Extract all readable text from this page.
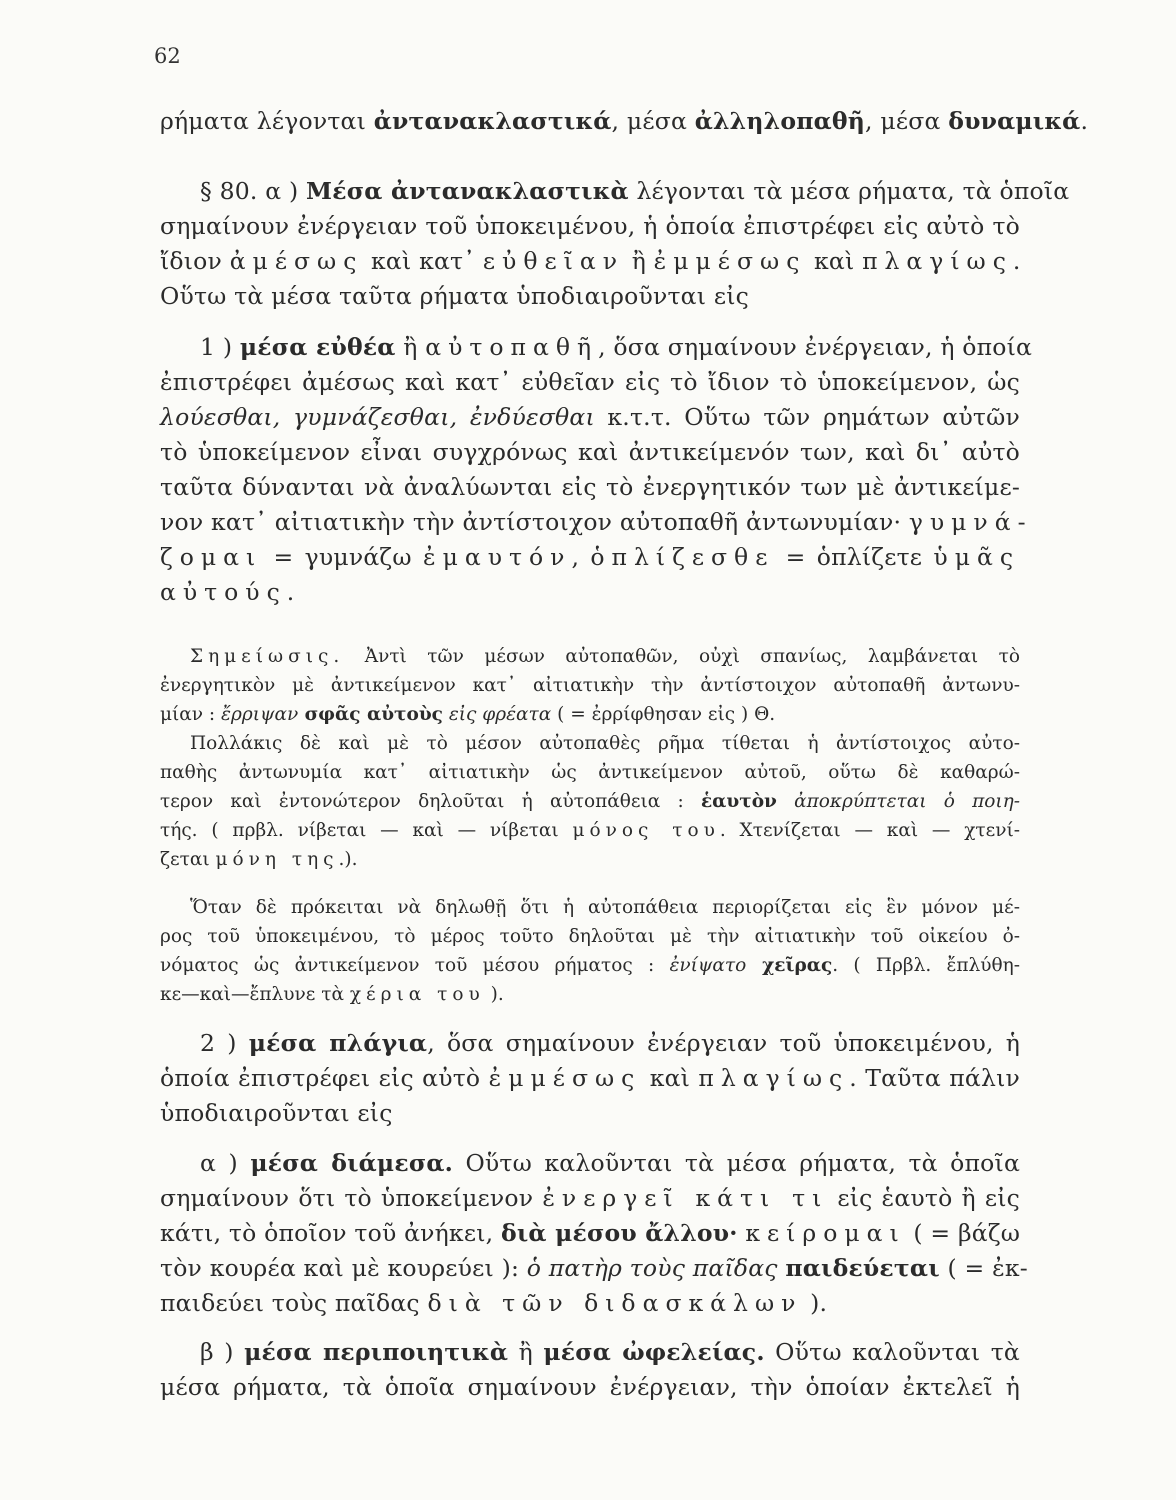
62
ρήματα λέγονται ἀντανακλαστικά, μέσα ἀλληλοπαθῆ, μέσα δυναμικά.
§ 80. α ) Μέσα ἀντανακλαστικὰ λέγονται τὰ μέσα ρήματα, τὰ ὁποῖα
σημαίνουν ἐνέργειαν τοῦ ὑποκειμένου, ἡ ὁποία ἐπιστρέφει εἰς αὐτὸ τὸ
ἴδιον ἀμέσως καὶ κατ᾽ εὐθεῖαν ἢ ἐμμέσως καὶ πλαγίως.
Οὕτω τὰ μέσα ταῦτα ρήματα ὑποδιαιροῦνται εἰς
1 ) μέσα εὐθέα ἢ αὐτοπαθῆ, ὅσα σημαίνουν ἐνέργειαν, ἡ ὁποία
ἐπιστρέφει ἀμέσως καὶ κατ᾽ εὐθεῖαν εἰς τὸ ἴδιον τὸ ὑποκείμενον, ὡς
λούεσθαι, γυμνάζεσθαι, ἐνδύεσθαι κ.τ.τ. Οὕτω τῶν ρημάτων αὐτῶν
τὸ ὑποκείμενον εἶναι συγχρόνως καὶ ἀντικείμενόν των, καὶ δι᾽ αὐτὸ
ταῦτα δύνανται νὰ ἀναλύωνται εἰς τὸ ἐνεργητικόν των μὲ ἀντικείμε-
νον κατ᾽ αἰτιατικὴν τὴν ἀντίστοιχον αὐτοπαθῆ ἀντωνυμίαν· γυμνά-
ζομαι = γυμνάζω ἐμαυτόν, ὁπλίζεσθε = ὁπλίζετε ὑμᾶς
αὐτούς.
Σημείωσις. Ἀντὶ τῶν μέσων αὐτοπαθῶν, οὐχὶ σπανίως, λαμβάνεται τὸ
ἐνεργητικὸν μὲ ἀντικείμενον κατ᾽ αἰτιατικὴν τὴν ἀντίστοιχον αὐτοπαθῆ ἀντωνυ-
μίαν : ἔρριψαν σφᾶς αὐτοὺς εἰς φρέατα ( = ἐρρίφθησαν εἰς ) Θ.
Πολλάκις δὲ καὶ μὲ τὸ μέσον αὐτοπαθὲς ρῆμα τίθεται ἡ ἀντίστοιχος αὐτο-
παθὴς ἀντωνυμία κατ᾽ αἰτιατικὴν ὡς ἀντικείμενον αὐτοῦ, οὕτω δὲ καθαρώ-
τερον καὶ ἐντονώτερον δηλοῦται ἡ αὐτοπάθεια : ἑαυτὸν ἀποκρύπτεται ὁ ποιη-
τής. ( πρβλ. νίβεται — καὶ — νίβεται μόνος του. Χτενίζεται — καὶ — χτενί-
ζεται μόνη της.).
Ὅταν δὲ πρόκειται νὰ δηλωθῇ ὅτι ἡ αὐτοπάθεια περιορίζεται εἰς ἓν μόνον μέ-
ρος τοῦ ὑποκειμένου, τὸ μέρος τοῦτο δηλοῦται μὲ τὴν αἰτιατικὴν τοῦ οἰκείου ὀ-
νόματος ὡς ἀντικείμενον τοῦ μέσου ρήματος : ἐνίψατο χεῖρας. ( Πρβλ. ἔπλύθη-
κε—καὶ—ἔπλυνε τὰ χέρια του ).
2 ) μέσα πλάγια, ὅσα σημαίνουν ἐνέργειαν τοῦ ὑποκειμένου, ἡ
ὁποία ἐπιστρέφει εἰς αὐτὸ ἐμμέσως καὶ πλαγίως. Ταῦτα πάλιν
ὑποδιαιροῦνται εἰς
α ) μέσα διάμεσα. Οὕτω καλοῦνται τὰ μέσα ρήματα, τὰ ὁποῖα
σημαίνουν ὅτι τὸ ὑποκείμενον ἐνεργεῖ κάτι τι εἰς ἑαυτὸ ἢ εἰς
κάτι, τὸ ὁποῖον τοῦ ἀνήκει, διὰ μέσου ἄλλου· κείρομαι ( = βάζω
τὸν κουρέα καὶ μὲ κουρεύει ): ὁ πατὴρ τοὺς παῖδας παιδεύεται ( = ἐκ-
παιδεύει τοὺς παῖδας διὰ τῶν διδασκάλων ).
β ) μέσα περιποιητικὰ ἢ μέσα ὠφελείας. Οὕτω καλοῦνται τὰ
μέσα ρήματα, τὰ ὁποῖα σημαίνουν ἐνέργειαν, τὴν ὁποίαν ἐκτελεῖ ἡ
